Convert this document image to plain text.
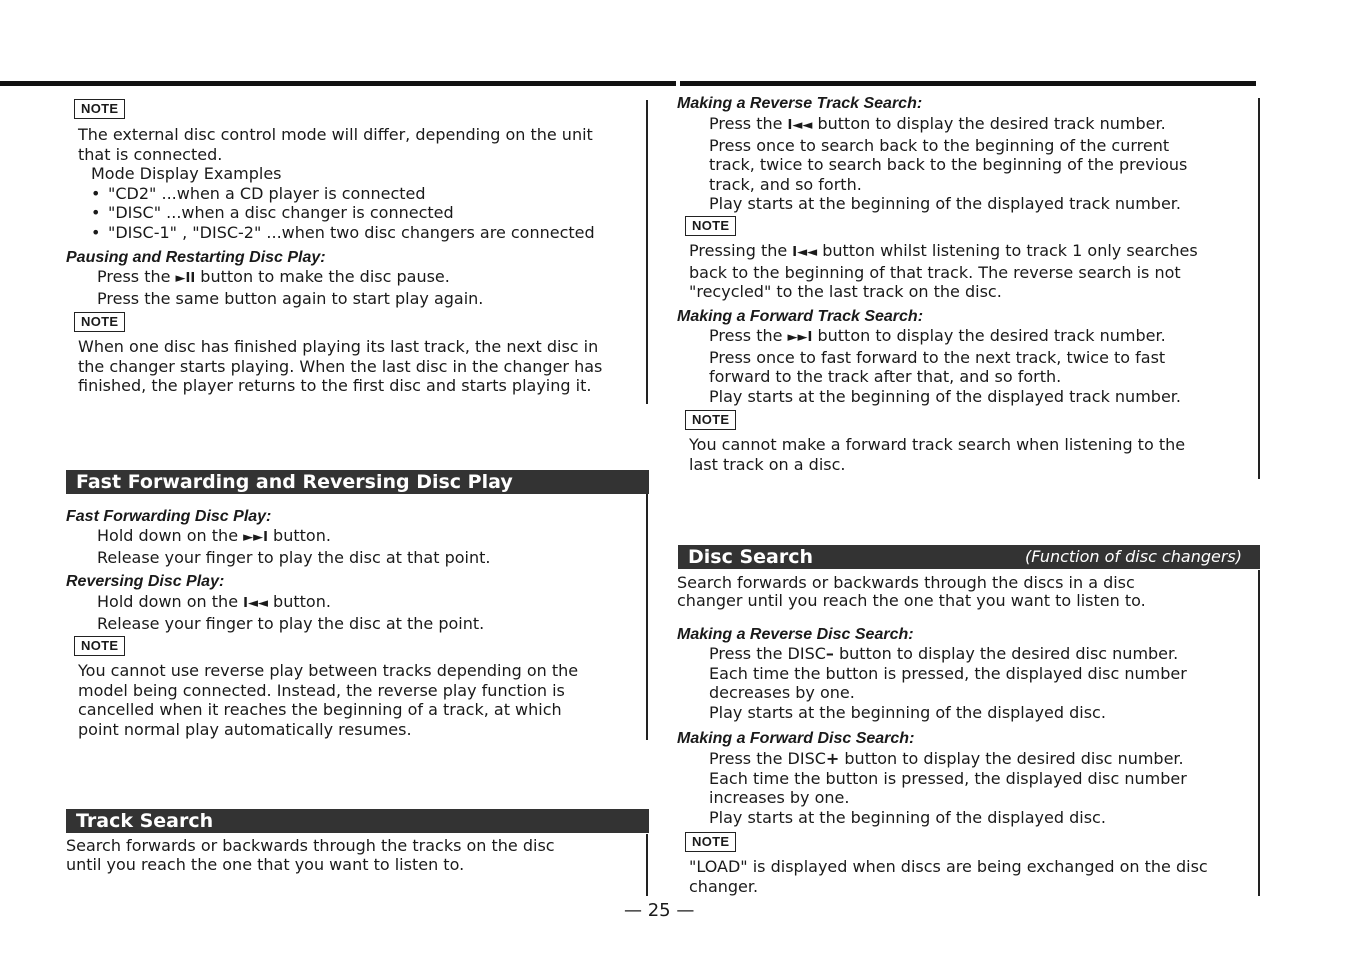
NOTE
The external disc control mode will differ, depending on the unit
that is connected.
Mode Display Examples
• "CD2" ...when a CD player is connected
• "DISC" ...when a disc changer is connected
• "DISC-1" , "DISC-2" ...when two disc changers are connected
Pausing and Restarting Disc Play:
Press the ►II button to make the disc pause.
Press the same button again to start play again.
NOTE
When one disc has finished playing its last track, the next disc in
the changer starts playing. When the last disc in the changer has
finished, the player returns to the first disc and starts playing it.
Fast Forwarding and Reversing Disc Play
Fast Forwarding Disc Play:
Hold down on the ►►I button.
Release your finger to play the disc at that point.
Reversing Disc Play:
Hold down on the I◄◄ button.
Release your finger to play the disc at the point.
NOTE
You cannot use reverse play between tracks depending on the
model being connected. Instead, the reverse play function is
cancelled when it reaches the beginning of a track, at which
point normal play automatically resumes.
Track Search
Search forwards or backwards through the tracks on the disc
until you reach the one that you want to listen to.
Making a Reverse Track Search:
Press the I◄◄ button to display the desired track number.
Press once to search back to the beginning of the current
track, twice to search back to the beginning of the previous
track, and so forth.
Play starts at the beginning of the displayed track number.
NOTE
Pressing the I◄◄ button whilst listening to track 1 only searches
back to the beginning of that track. The reverse search is not
"recycled" to the last track on the disc.
Making a Forward Track Search:
Press the ►►I button to display the desired track number.
Press once to fast forward to the next track, twice to fast
forward to the track after that, and so forth.
Play starts at the beginning of the displayed track number.
NOTE
You cannot make a forward track search when listening to the
last track on a disc.
Disc Search	(Function of disc changers)
Search forwards or backwards through the discs in a disc
changer until you reach the one that you want to listen to.
Making a Reverse Disc Search:
Press the DISC– button to display the desired disc number.
Each time the button is pressed, the displayed disc number
decreases by one.
Play starts at the beginning of the displayed disc.
Making a Forward Disc Search:
Press the DISC+ button to display the desired disc number.
Each time the button is pressed, the displayed disc number
increases by one.
Play starts at the beginning of the displayed disc.
NOTE
"LOAD" is displayed when discs are being exchanged on the disc
changer.
— 25 —
